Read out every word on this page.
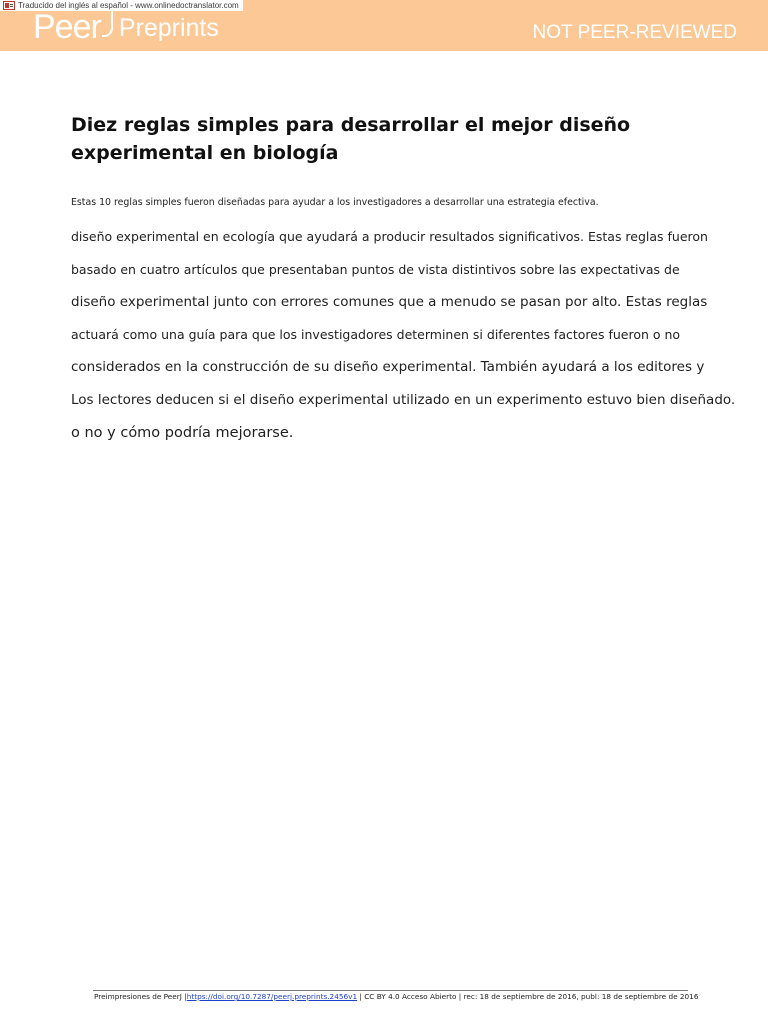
Traducido del inglés al español - www.onlinedoctranslator.com
Peer Preprints	NOT PEER-REVIEWED
Diez reglas simples para desarrollar el mejor diseño experimental en biología

Estas 10 reglas simples fueron diseñadas para ayudar a los investigadores a desarrollar una estrategia efectiva.

diseño experimental en ecología que ayudará a producir resultados significativos. Estas reglas fueron

basado en cuatro artículos que presentaban puntos de vista distintivos sobre las expectativas de

diseño experimental junto con errores comunes que a menudo se pasan por alto. Estas reglas

actuará como una guía para que los investigadores determinen si diferentes factores fueron o no

considerados en la construcción de su diseño experimental. También ayudará a los editores y

Los lectores deducen si el diseño experimental utilizado en un experimento estuvo bien diseñado.

o no y cómo podría mejorarse.

Preimpresiones de PeerJ |https://doi.org/10.7287/peerj.preprints.2456v1 | CC BY 4.0 Acceso Abierto | rec: 18 de septiembre de 2016, publ: 18 de septiembre de 2016
